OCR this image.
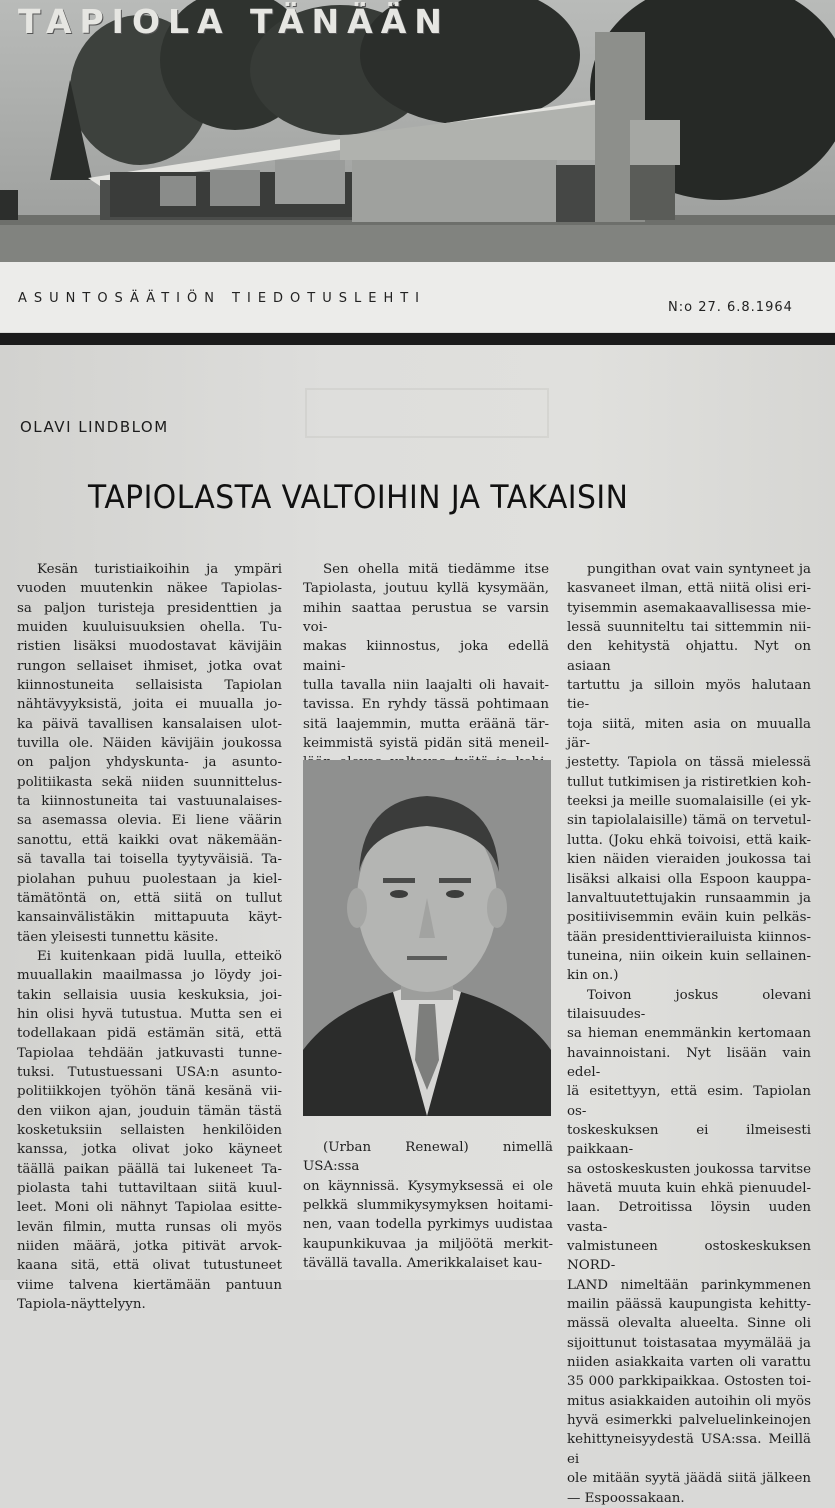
TAPIOLA TÄNÄÄN
ASUNTOSÄÄTIÖN TIEDOTUSLEHTI
N:o 27. 6.8.1964
OLAVI LINDBLOM
TAPIOLASTA VALTOIHIN JA TAKAISIN

Kesän turistiaikoihin ja ympäri
vuoden muutenkin näkee Tapiolas-
sa paljon turisteja presidenttien ja
muiden kuuluisuuksien ohella. Tu-
ristien lisäksi muodostavat kävijäin
rungon sellaiset ihmiset, jotka ovat
kiinnostuneita sellaisista Tapiolan
nähtävyyksistä, joita ei muualla jo-
ka päivä tavallisen kansalaisen ulot-
tuvilla ole. Näiden kävijäin joukossa
on paljon yhdyskunta- ja asunto-
politiikasta sekä niiden suunnittelus-
ta kiinnostuneita tai vastuunalaises-
sa asemassa olevia. Ei liene väärin
sanottu, että kaikki ovat näkemään-
sä tavalla tai toisella tyytyväisiä. Ta-
piolahan puhuu puolestaan ja kiel-
tämätöntä on, että siitä on tullut
kansainvälistäkin mittapuuta käyt-
täen yleisesti tunnettu käsite.

Ei kuitenkaan pidä luulla, etteikö
muuallakin maailmassa jo löydy joi-
takin sellaisia uusia keskuksia, joi-
hin olisi hyvä tutustua. Mutta sen ei
todellakaan pidä estämän sitä, että
Tapiolaa tehdään jatkuvasti tunne-
tuksi. Tutustuessani USA:n asunto-
politiikkojen työhön tänä kesänä vii-
den viikon ajan, jouduin tämän tästä
kosketuksiin sellaisten henkilöiden
kanssa, jotka olivat joko käyneet
täällä paikan päällä tai lukeneet Ta-
piolasta tahi tuttaviltaan siitä kuul-
leet. Moni oli nähnyt Tapiolaa esitte-
levän filmin, mutta runsas oli myös
niiden määrä, jotka pitivät arvok-
kaana sitä, että olivat tutustuneet
viime talvena kiertämään pantuun
Tapiola-näyttelyyn.

Sen ohella mitä tiedämme itse
Tapiolasta, joutuu kyllä kysymään,
mihin saattaa perustua se varsin voi-
makas kiinnostus, joka edellä maini-
tulla tavalla niin laajalti oli havait-
tavissa. En ryhdy tässä pohtimaan
sitä laajemmin, mutta eräänä tär-
keimmistä syistä pidän sitä meneil-

(Urban Renewal) nimellä USA:ssa
on käynnissä. Kysymyksessä ei ole
pelkkä slummikysymyksen hoitami-
nen, vaan todella pyrkimys uudistaa
kaupunkikuvaa ja miljöötä merkit-
tävällä tavalla. Amerikkalaiset kau-

pungithan ovat vain syntyneet ja
kasvaneet ilman, että niitä olisi eri-
tyisemmin asemakaavallisessa mie-
lessä suunniteltu tai sittemmin nii-
den kehitystä ohjattu. Nyt on asiaan
tartuttu ja silloin myös halutaan tie-
toja siitä, miten asia on muualla jär-
jestetty. Tapiola on tässä mielessä
tullut tutkimisen ja ristiretkien koh-
teeksi ja meille suomalaisille (ei yk-
sin tapiolalaisille) tämä on tervetul-
lutta. (Joku ehkä toivoisi, että kaik-
kien näiden vieraiden joukossa tai
lisäksi alkaisi olla Espoon kauppa-
lanvaltuutettujakin runsaammin ja
positiivisemmin eväin kuin pelkäs-
tään presidenttivierailuista kiinnos-
tuneina, niin oikein kuin sellainen-
kin on.)

Toivon joskus olevani tilaisuudes-
sa hieman enemmänkin kertomaan
havainnoistani. Nyt lisään vain edel-
lä esitettyyn, että esim. Tapiolan os-
toskeskuksen ei ilmeisesti paikkaan-
sa ostoskeskusten joukossa tarvitse
hävetä muuta kuin ehkä pienuudel-
laan. Detroitissa löysin uuden vasta-
valmistuneen ostoskeskuksen NORD-
LAND nimeltään parinkymmenen
mailin päässä kaupungista kehitty-
mässä olevalta alueelta. Sinne oli
sijoittunut toistasataa myymälää ja
niiden asiakkaita varten oli varattu
35 000 parkkipaikkaa. Ostosten toi-
mitus asiakkaiden autoihin oli myös
hyvä esimerkki palveluelinkeinojen
kehittyneisyydestä USA:ssa. Meillä ei
ole mitään syytä jäädä siitä jälkeen
— Espoossakaan.
